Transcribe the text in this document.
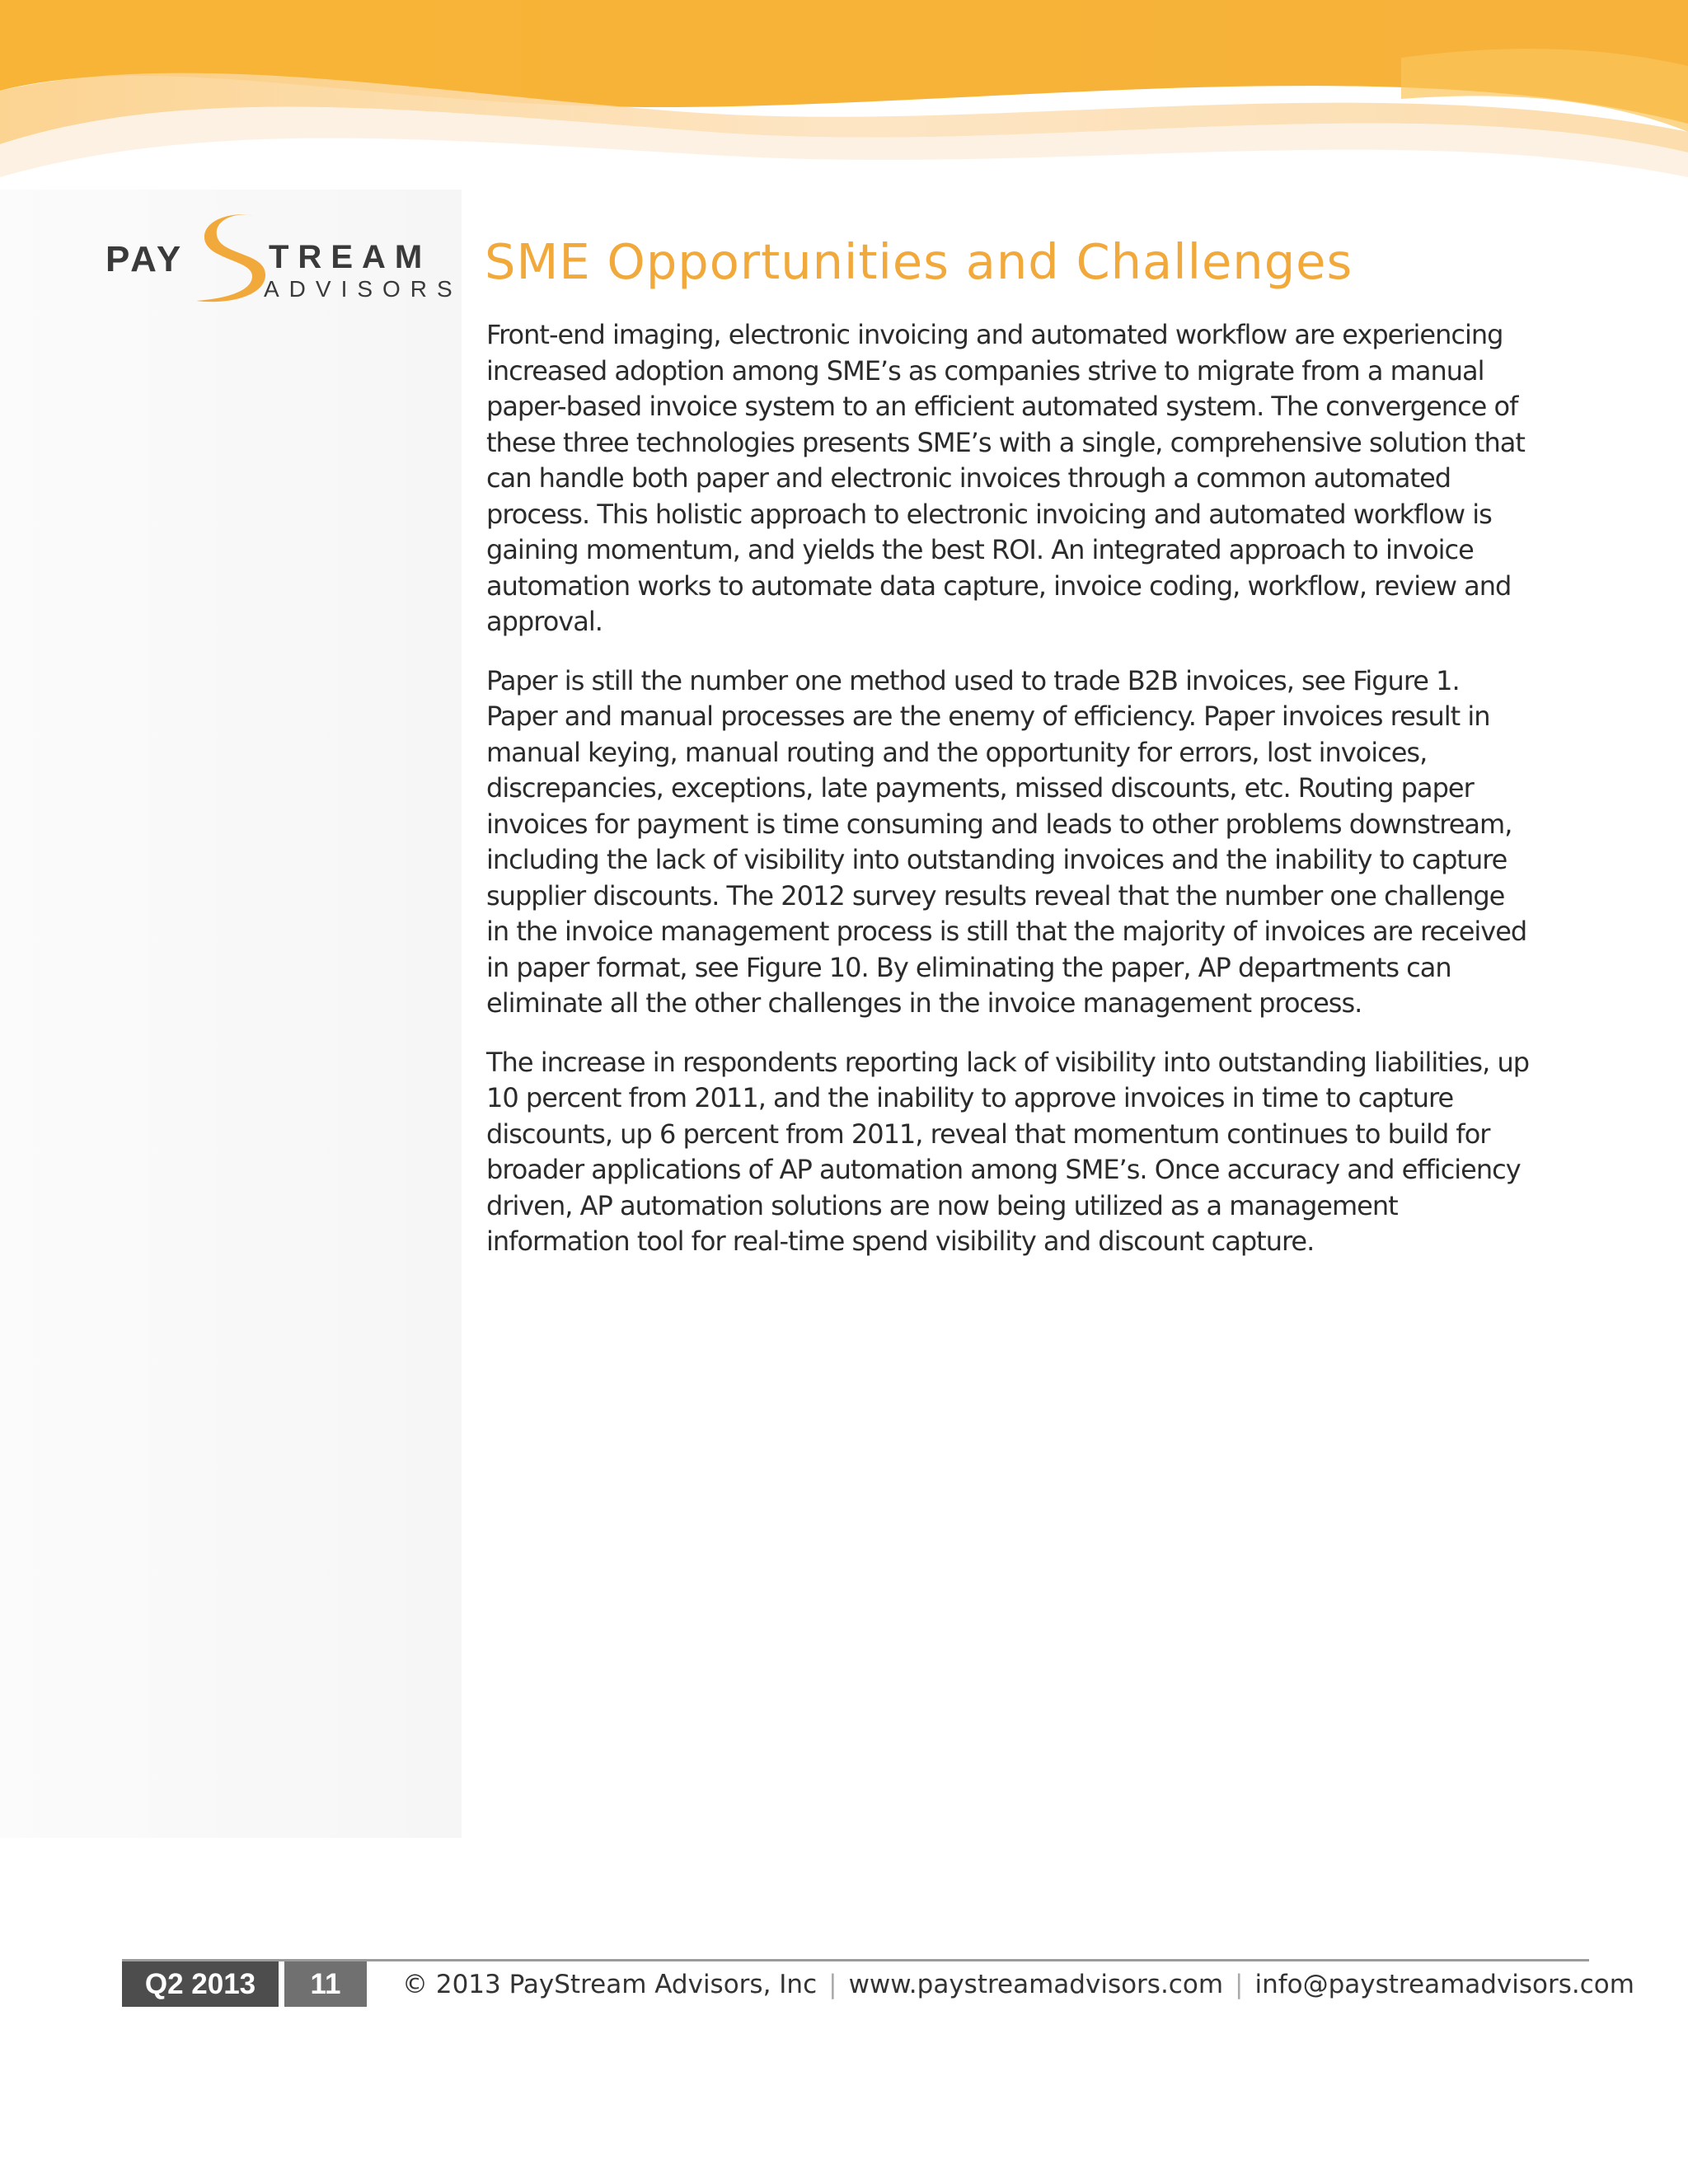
PAY	TREAM
ADVISORS SME Opportunities and Challenges

Front-end imaging, electronic invoicing and automated workflow are experiencing increased adoption among SME’s as companies strive to migrate from a manual paper-based invoice system to an efficient automated system. The convergence of these three technologies presents SME’s with a single, comprehensive solution that can handle both paper and electronic invoices through a common automated process. This holistic approach to electronic invoicing and automated workflow is gaining momentum, and yields the best ROI. An integrated approach to invoice automation works to automate data capture, invoice coding, workflow, review and approval.

Paper is still the number one method used to trade B2B invoices, see Figure 1. Paper and manual processes are the enemy of efficiency. Paper invoices result in manual keying, manual routing and the opportunity for errors, lost invoices, discrepancies, exceptions, late payments, missed discounts, etc. Routing paper invoices for payment is time consuming and leads to other problems downstream, including the lack of visibility into outstanding invoices and the inability to capture supplier discounts. The 2012 survey results reveal that the number one challenge in the invoice management process is still that the majority of invoices are received in paper format, see Figure 10. By eliminating the paper, AP departments can eliminate all the other challenges in the invoice management process.

The increase in respondents reporting lack of visibility into outstanding liabilities, up 10 percent from 2011, and the inability to approve invoices in time to capture discounts, up 6 percent from 2011, reveal that momentum continues to build for broader applications of AP automation among SME’s. Once accuracy and efficiency driven, AP automation solutions are now being utilized as a management information tool for real-time spend visibility and discount capture.

Q2 2013	11	© 2013 PayStream Advisors, Inc | www.paystreamadvisors.com | info@paystreamadvisors.com
